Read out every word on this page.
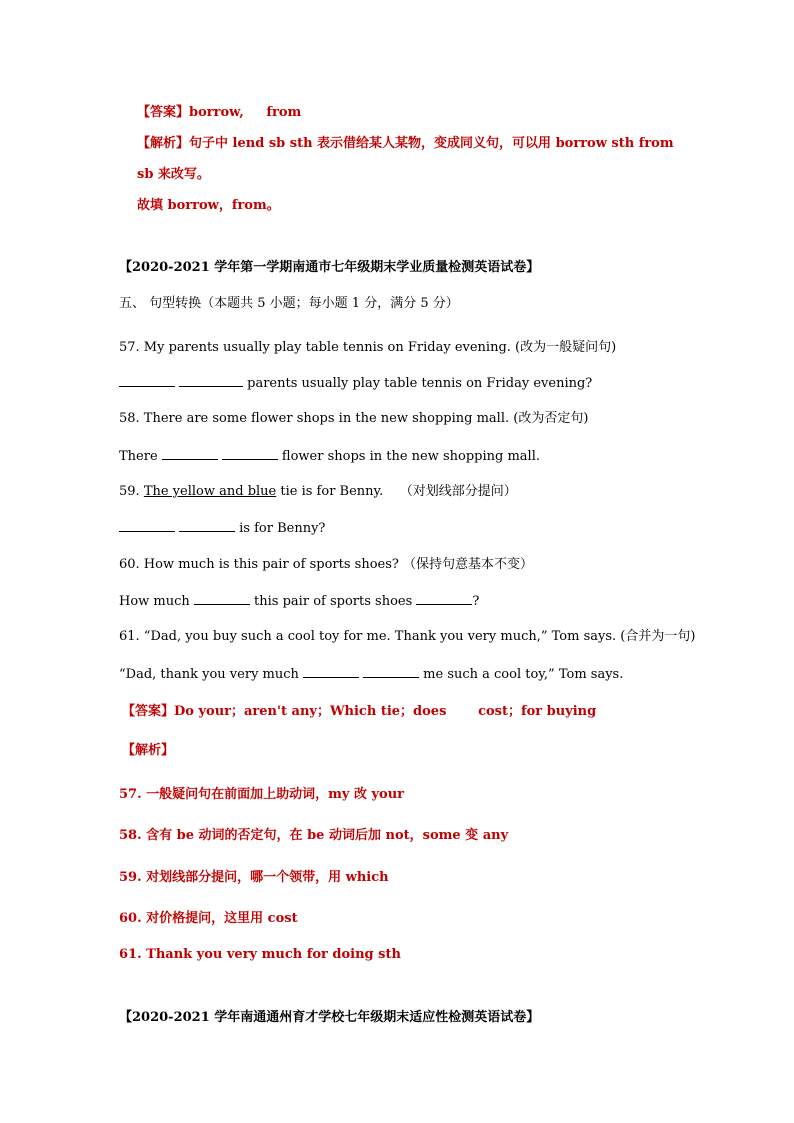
【答案】borrow,     from
【解析】句子中 lend sb sth 表示借给某人某物，变成同义句，可以用 borrow sth from
sb 来改写。
故填 borrow，from。
【2020-2021 学年第一学期南通市七年级期末学业质量检测英语试卷】
五、 句型转换（本题共 5 小题；每小题 1 分，满分 5 分）
57. My parents usually play table tennis on Friday evening. (改为一般疑问句)
parents usually play table tennis on Friday evening?
58. There are some flower shops in the new shopping mall. (改为否定句)
There	flower shops in the new shopping mall.
59. The yellow and blue tie is for Benny.    （对划线部分提问）
is for Benny?
60. How much is this pair of sports shoes? （保持句意基本不变）
How much	this pair of sports shoes	?
61. “Dad, you buy such a cool toy for me. Thank you very much,” Tom says. (合并为一句)
“Dad, thank you very much	me such a cool toy,” Tom says.
【答案】Do your；aren't any；Which tie；does       cost；for buying
【解析】
57. 一般疑问句在前面加上助动词，my 改 your
58. 含有 be 动词的否定句，在 be 动词后加 not，some 变 any
59. 对划线部分提问，哪一个领带，用 which
60. 对价格提问，这里用 cost
61. Thank you very much for doing sth
【2020-2021 学年南通通州育才学校七年级期末适应性检测英语试卷】
